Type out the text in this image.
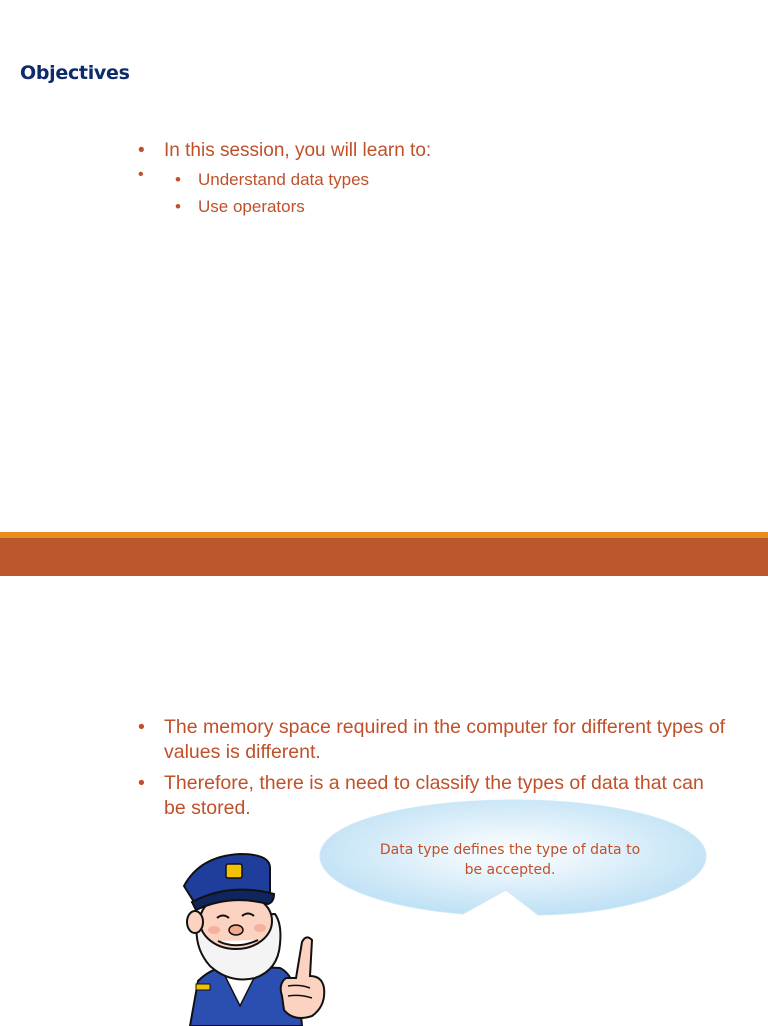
Objectives
• In this session, you will learn to:
• • Understand data types
• Use operators
• The memory space required in the computer for different types of values is different.
• Therefore, there is a need to classify the types of data that can be stored.
Data type defines the type of data to
be accepted.
